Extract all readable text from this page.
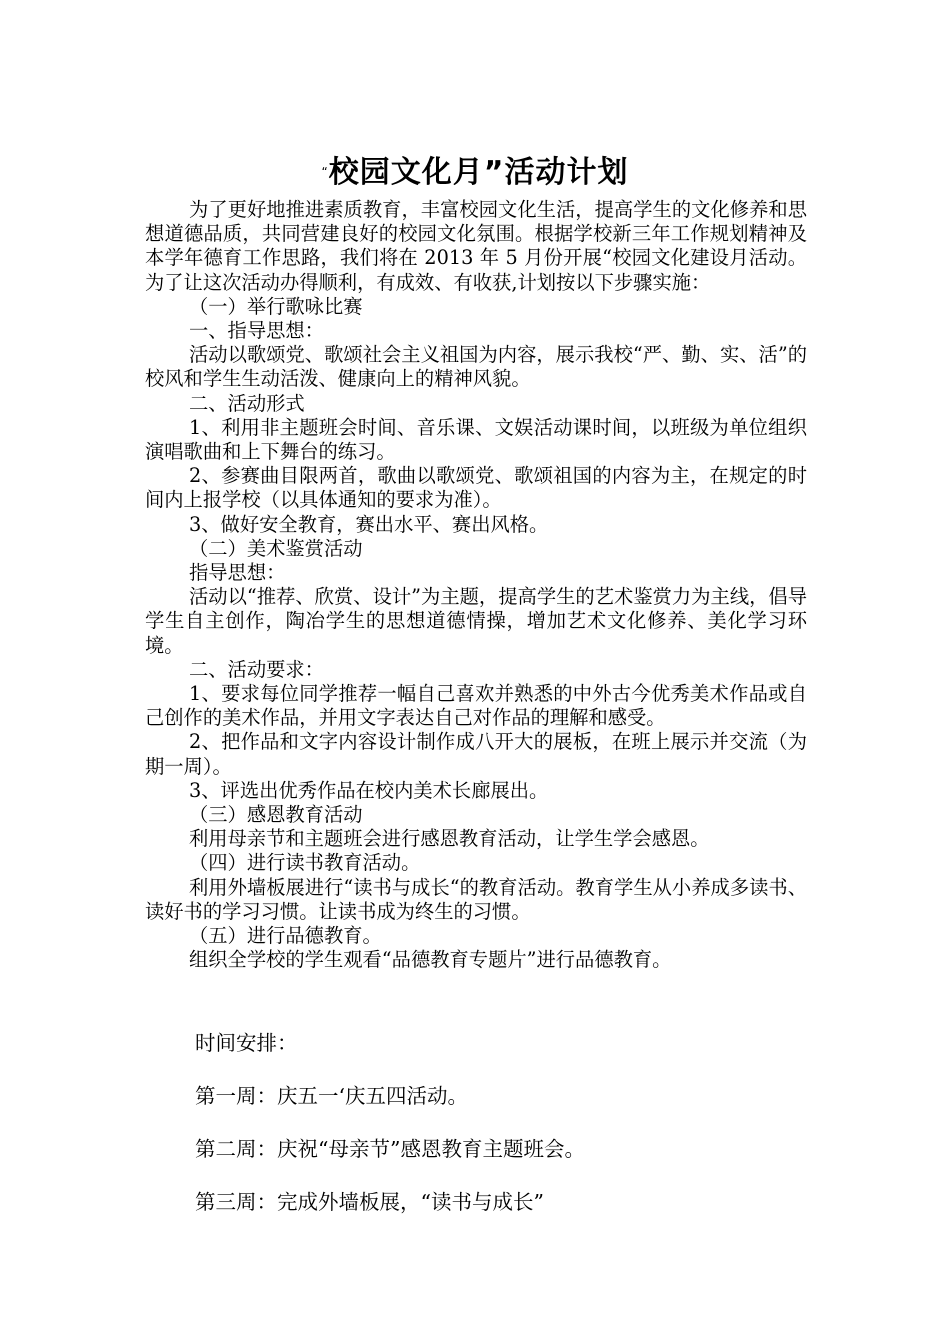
“校园文化月”活动计划

为了更好地推进素质教育，丰富校园文化生活，提高学生的文化修养和思想道德品质，共同营建良好的校园文化氛围。根据学校新三年工作规划精神及本学年德育工作思路，我们将在 2013 年 5 月份开展“校园文化建设月活动。为了让这次活动办得顺利，有成效、有收获,计划按以下步骤实施：

（一）举行歌咏比赛

一、指导思想：

活动以歌颂党、歌颂社会主义祖国为内容，展示我校“严、勤、实、活”的校风和学生生动活泼、健康向上的精神风貌。

二、活动形式

1、利用非主题班会时间、音乐课、文娱活动课时间，以班级为单位组织演唱歌曲和上下舞台的练习。

2、参赛曲目限两首，歌曲以歌颂党、歌颂祖国的内容为主，在规定的时间内上报学校（以具体通知的要求为准）。

3、做好安全教育，赛出水平、赛出风格。

（二）美术鉴赏活动

指导思想：

活动以“推荐、欣赏、设计”为主题，提高学生的艺术鉴赏力为主线，倡导学生自主创作，陶冶学生的思想道德情操，增加艺术文化修养、美化学习环境。

二、活动要求：

1、要求每位同学推荐一幅自己喜欢并熟悉的中外古今优秀美术作品或自己创作的美术作品，并用文字表达自己对作品的理解和感受。

2、把作品和文字内容设计制作成八开大的展板，在班上展示并交流（为期一周）。

3、评选出优秀作品在校内美术长廊展出。

（三）感恩教育活动

利用母亲节和主题班会进行感恩教育活动，让学生学会感恩。

（四）进行读书教育活动。

利用外墙板展进行“读书与成长“的教育活动。教育学生从小养成多读书、读好书的学习习惯。让读书成为终生的习惯。

（五）进行品德教育。

组织全学校的学生观看“品德教育专题片”进行品德教育。

时间安排：

第一周：庆五一‘庆五四活动。

第二周：庆祝“母亲节”感恩教育主题班会。

第三周：完成外墙板展，“读书与成长”
